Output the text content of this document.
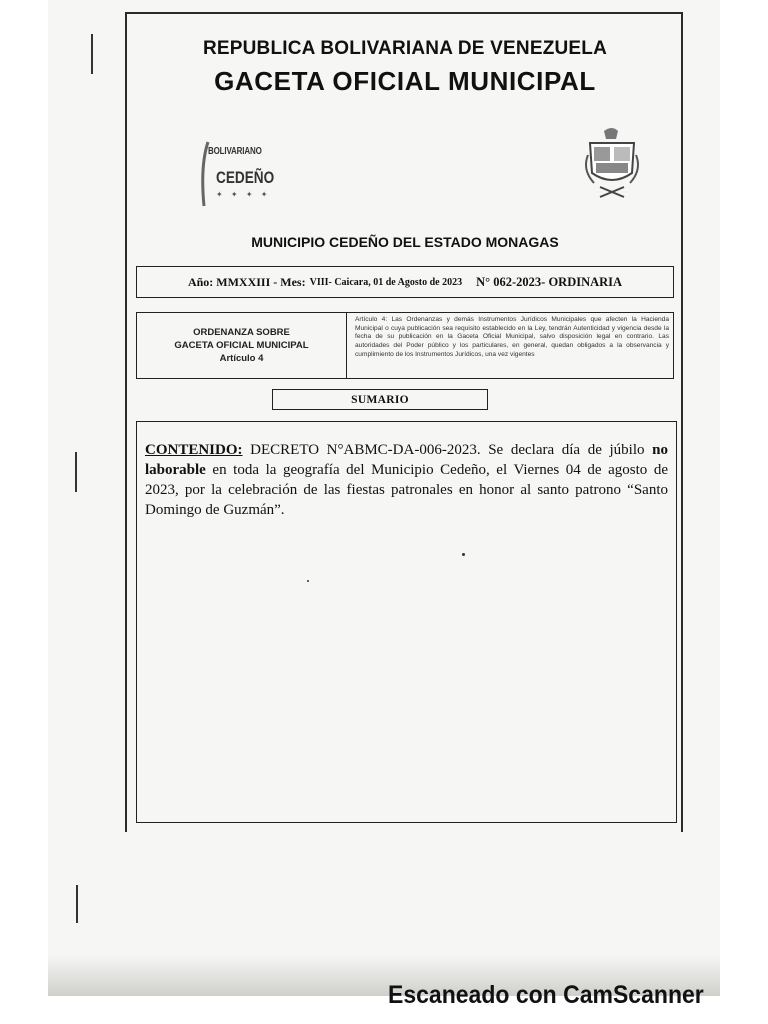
REPUBLICA BOLIVARIANA DE VENEZUELA
GACETA OFICIAL MUNICIPAL
BOLIVARIANO
CEDEÑO
✦ ✦ ✦ ✦
MUNICIPIO CEDEÑO DEL ESTADO MONAGAS
Año: MMXXIII - Mes: VIII- Caicara, 01 de Agosto de 2023 N° 062-2023- ORDINARIA
ORDENANZA SOBRE
GACETA OFICIAL MUNICIPAL
Artículo 4
Artículo 4: Las Ordenanzas y demás Instrumentos Jurídicos Municipales que afecten la Hacienda Municipal o cuya publicación sea requisito establecido en la Ley, tendrán Autenticidad y vigencia desde la fecha de su publicación en la Gaceta Oficial Municipal, salvo disposición legal en contrario. Las autoridades del Poder público y los particulares, en general, quedan obligados a la observancia y cumplimiento de los Instrumentos Jurídicos, una vez vigentes
SUMARIO
CONTENIDO: DECRETO N°ABMC-DA-006-2023. Se declara día de júbilo no laborable en toda la geografía del Municipio Cedeño, el Viernes 04 de agosto de 2023, por la celebración de las fiestas patronales en honor al santo patrono “Santo Domingo de Guzmán”.
Escaneado con CamScanner
